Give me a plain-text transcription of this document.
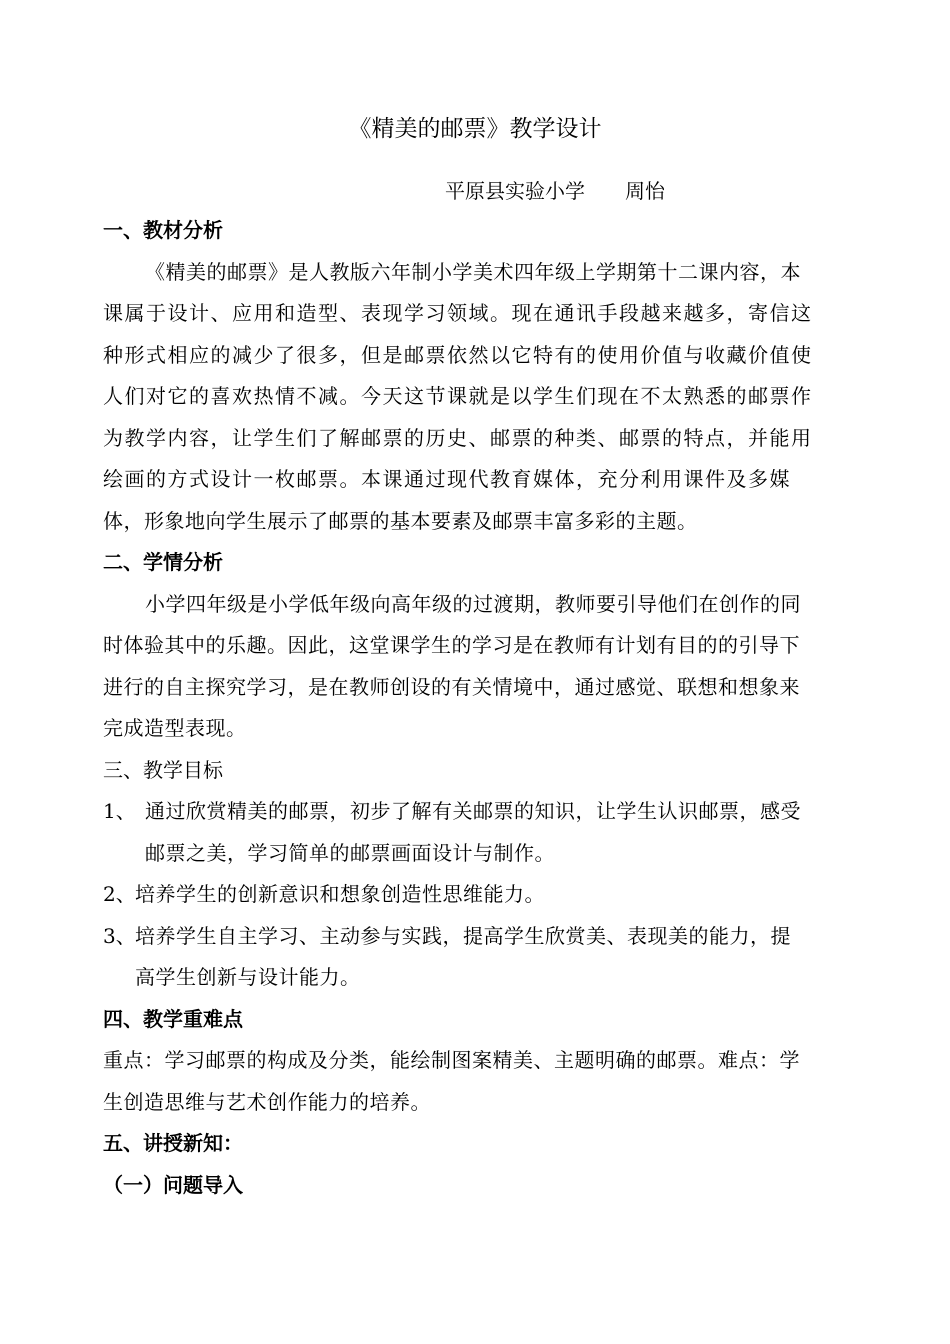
《精美的邮票》教学设计
平原县实验小学 周怡
一、教材分析
《精美的邮票》是人教版六年制小学美术四年级上学期第十二课内容，本
课属于设计、应用和造型、表现学习领域。现在通讯手段越来越多，寄信这
种形式相应的减少了很多，但是邮票依然以它特有的使用价值与收藏价值使
人们对它的喜欢热情不减。今天这节课就是以学生们现在不太熟悉的邮票作
为教学内容，让学生们了解邮票的历史、邮票的种类、邮票的特点，并能用
绘画的方式设计一枚邮票。本课通过现代教育媒体，充分利用课件及多媒
体，形象地向学生展示了邮票的基本要素及邮票丰富多彩的主题。
二、学情分析
小学四年级是小学低年级向高年级的过渡期，教师要引导他们在创作的同
时体验其中的乐趣。因此，这堂课学生的学习是在教师有计划有目的的引导下
进行的自主探究学习，是在教师创设的有关情境中，通过感觉、联想和想象来
完成造型表现。
三、教学目标
1、 通过欣赏精美的邮票，初步了解有关邮票的知识，让学生认识邮票，感受
邮票之美，学习简单的邮票画面设计与制作。
2、 培养学生的创新意识和想象创造性思维能力。
3、 培养学生自主学习、主动参与实践，提高学生欣赏美、表现美的能力，提
高学生创新与设计能力。
四、教学重难点
重点：学习邮票的构成及分类，能绘制图案精美、主题明确的邮票。难点：学
生创造思维与艺术创作能力的培养。
五、讲授新知：
（一）问题导入
